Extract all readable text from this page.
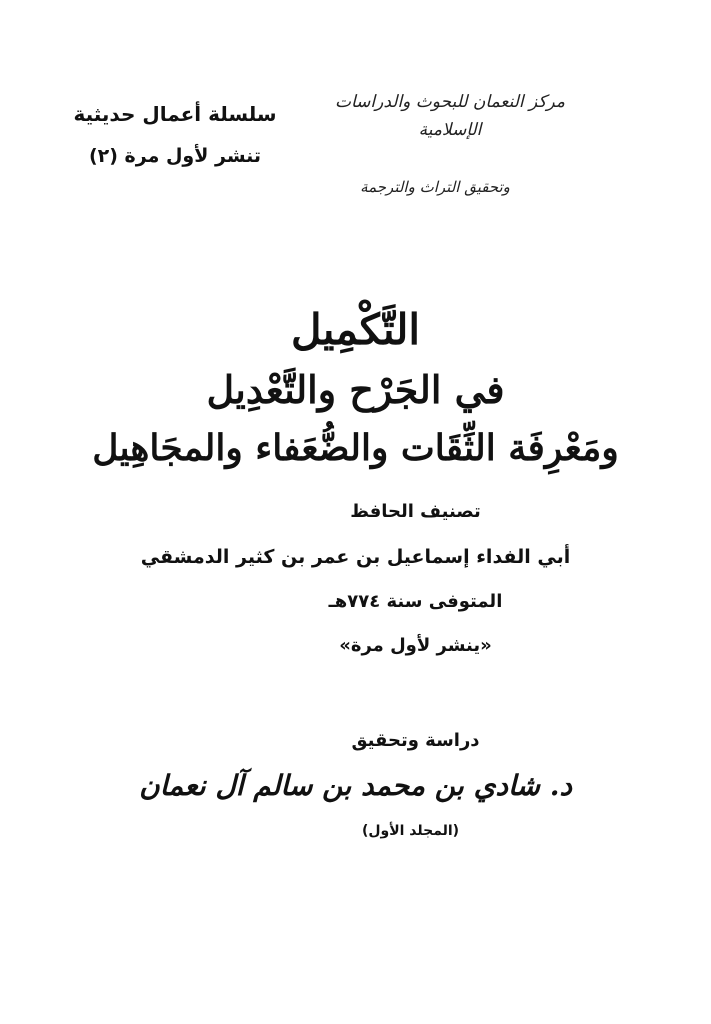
مركز النعمان للبحوث والدراسات الإسلامية
وتحقيق التراث والترجمة
سلسلة أعمال حديثية
تنشر لأول مرة (٢)
التَّكْمِيل
في الجَرْح والتَّعْدِيل
ومَعْرِفَة الثِّقَات والضُّعَفاء والمجَاهِيل
تصنيف الحافظ
أبي الفداء إسماعيل بن عمر بن كثير الدمشقي
المتوفى سنة ٧٧٤هـ
«ينشر لأول مرة»
دراسة وتحقيق
د. شادي بن محمد بن سالم آل نعمان
(المجلد الأول)
